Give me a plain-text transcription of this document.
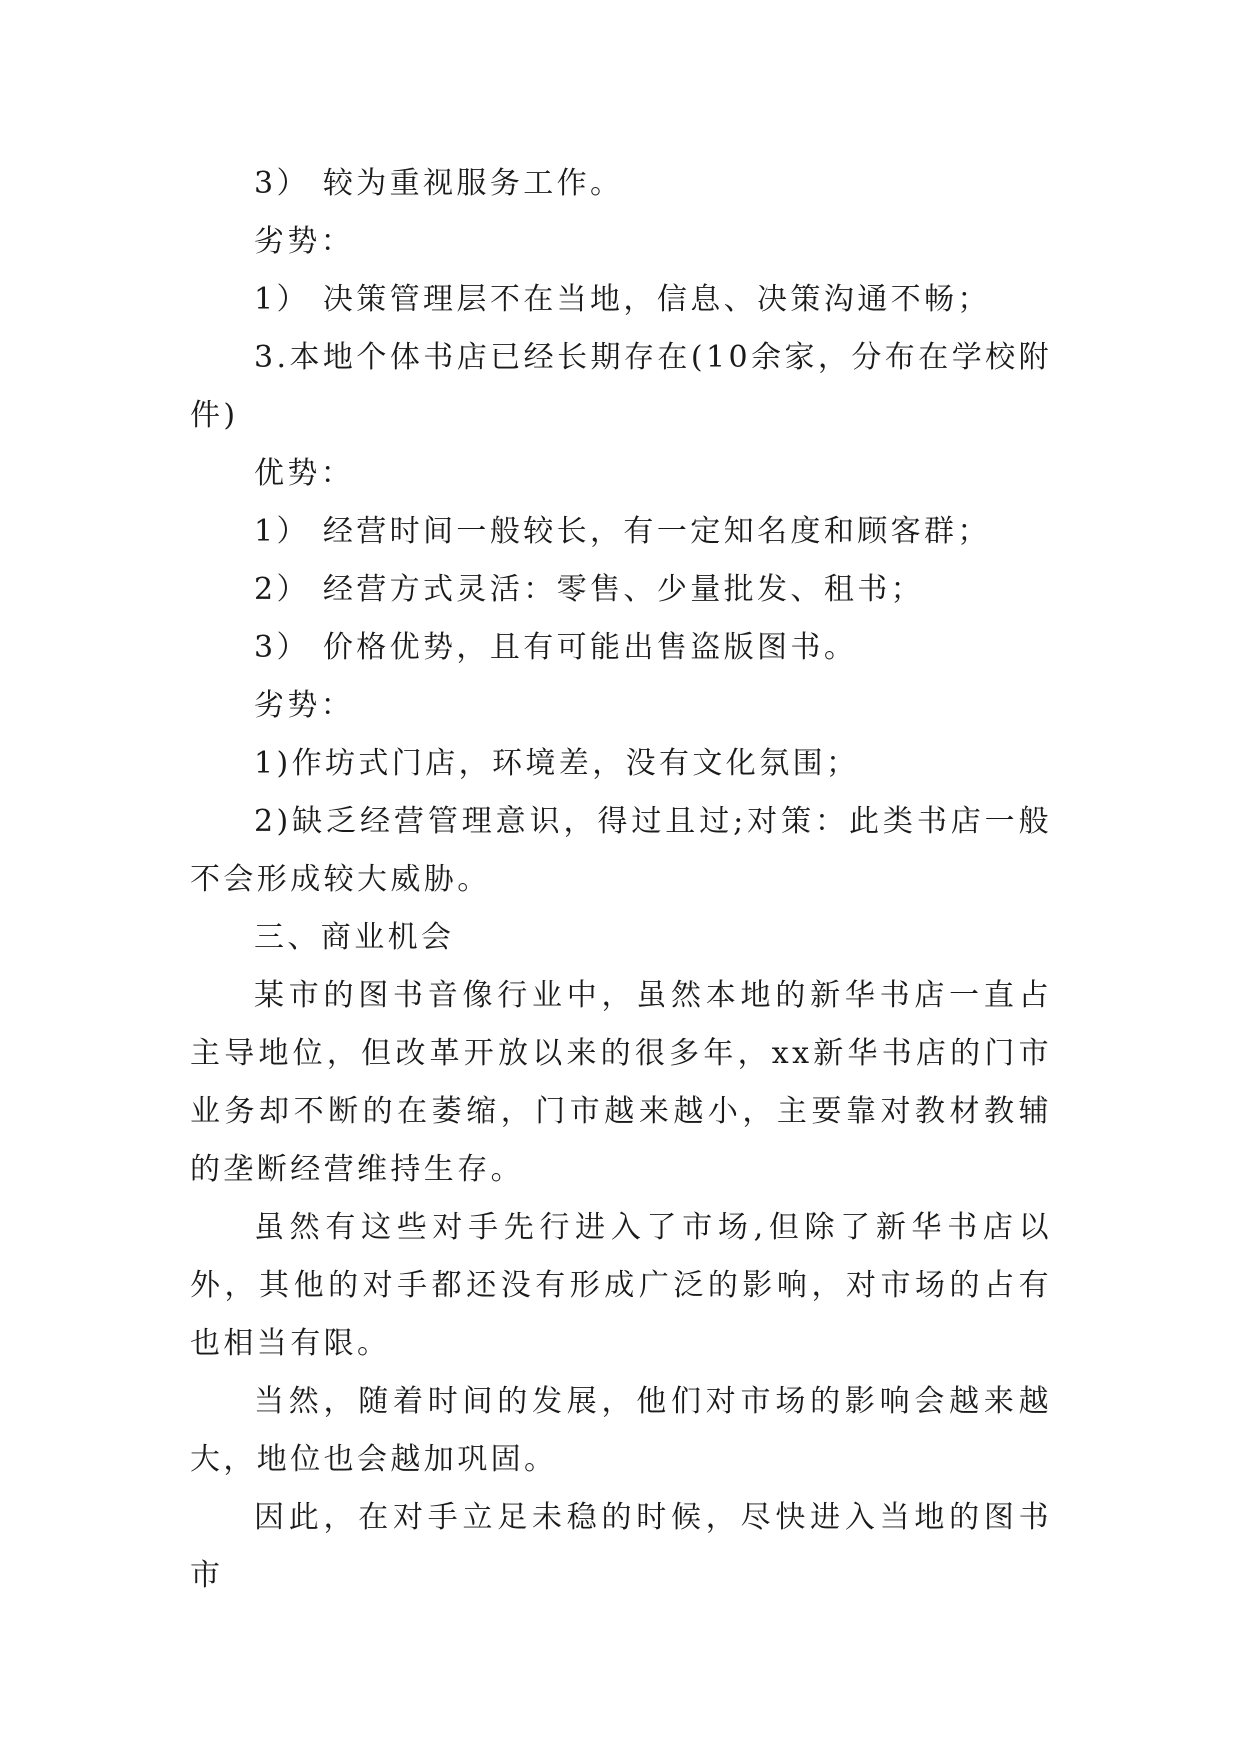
3） 较为重视服务工作。

劣势：

1） 决策管理层不在当地，信息、决策沟通不畅；

3.本地个体书店已经长期存在(10余家，分布在学校附件)

优势：

1） 经营时间一般较长，有一定知名度和顾客群；

2） 经营方式灵活：零售、少量批发、租书；

3） 价格优势，且有可能出售盗版图书。

劣势：

1)作坊式门店，环境差，没有文化氛围；

2)缺乏经营管理意识，得过且过;对策：此类书店一般不会形成较大威胁。

三、商业机会

某市的图书音像行业中，虽然本地的新华书店一直占主导地位，但改革开放以来的很多年，xx新华书店的门市业务却不断的在萎缩，门市越来越小，主要靠对教材教辅的垄断经营维持生存。

虽然有这些对手先行进入了市场,但除了新华书店以外，其他的对手都还没有形成广泛的影响，对市场的占有也相当有限。

当然，随着时间的发展，他们对市场的影响会越来越大，地位也会越加巩固。

因此，在对手立足未稳的时候，尽快进入当地的图书市
